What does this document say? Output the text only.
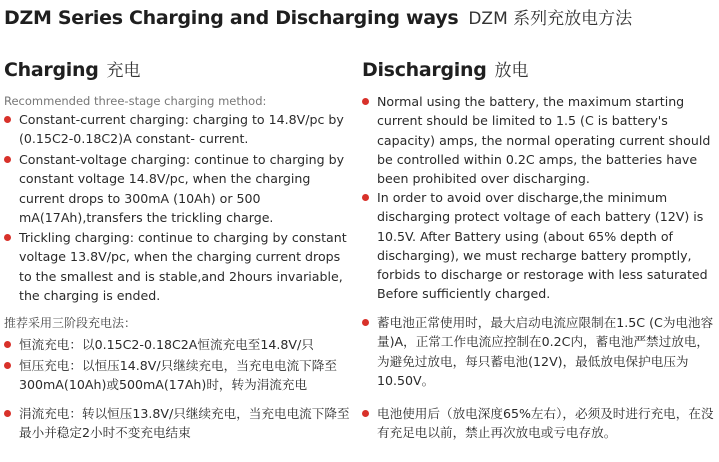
DZM Series Charging and Discharging ways DZM 系列充放电方法
Charging 充电
Recommended three-stage charging method:
Constant-current charging: charging to 14.8V/pc by (0.15C2-0.18C2)A constant- current.
Constant-voltage charging: continue to charging by constant voltage 14.8V/pc, when the charging current drops to 300mA (10Ah) or 500 mA(17Ah),transfers the trickling charge.
Trickling charging: continue to charging by constant voltage 13.8V/pc, when the charging current drops to the smallest and is stable,and 2hours invariable, the charging is ended.
推荐采用三阶段充电法：
恒流充电：以0.15C2-0.18C2A恒流充电至14.8V/只
恒压充电：以恒压14.8V/只继续充电，当充电电流下降至300mA(10Ah)或500mA(17Ah)时，转为涓流充电
涓流充电：转以恒压13.8V/只继续充电，当充电电流下降至最小并稳定2小时不变充电结束
Discharging 放电
Normal using the battery, the maximum starting current should be limited to 1.5 (C is battery's capacity) amps, the normal operating current should be controlled within 0.2C amps, the batteries have been prohibited over discharging.
In order to avoid over discharge,the minimum discharging protect voltage of each battery (12V) is 10.5V. After Battery using (about 65% depth of discharging), we must recharge battery promptly, forbids to discharge or restorage with less saturated Before sufficiently charged.
蓄电池正常使用时，最大启动电流应限制在1.5C (C为电池容量)A，正常工作电流应控制在0.2C内，蓄电池严禁过放电，为避免过放电，每只蓄电池(12V)，最低放电保护电压为10.50V。
电池使用后（放电深度65%左右），必须及时进行充电，在没有充足电以前，禁止再次放电或亏电存放。
